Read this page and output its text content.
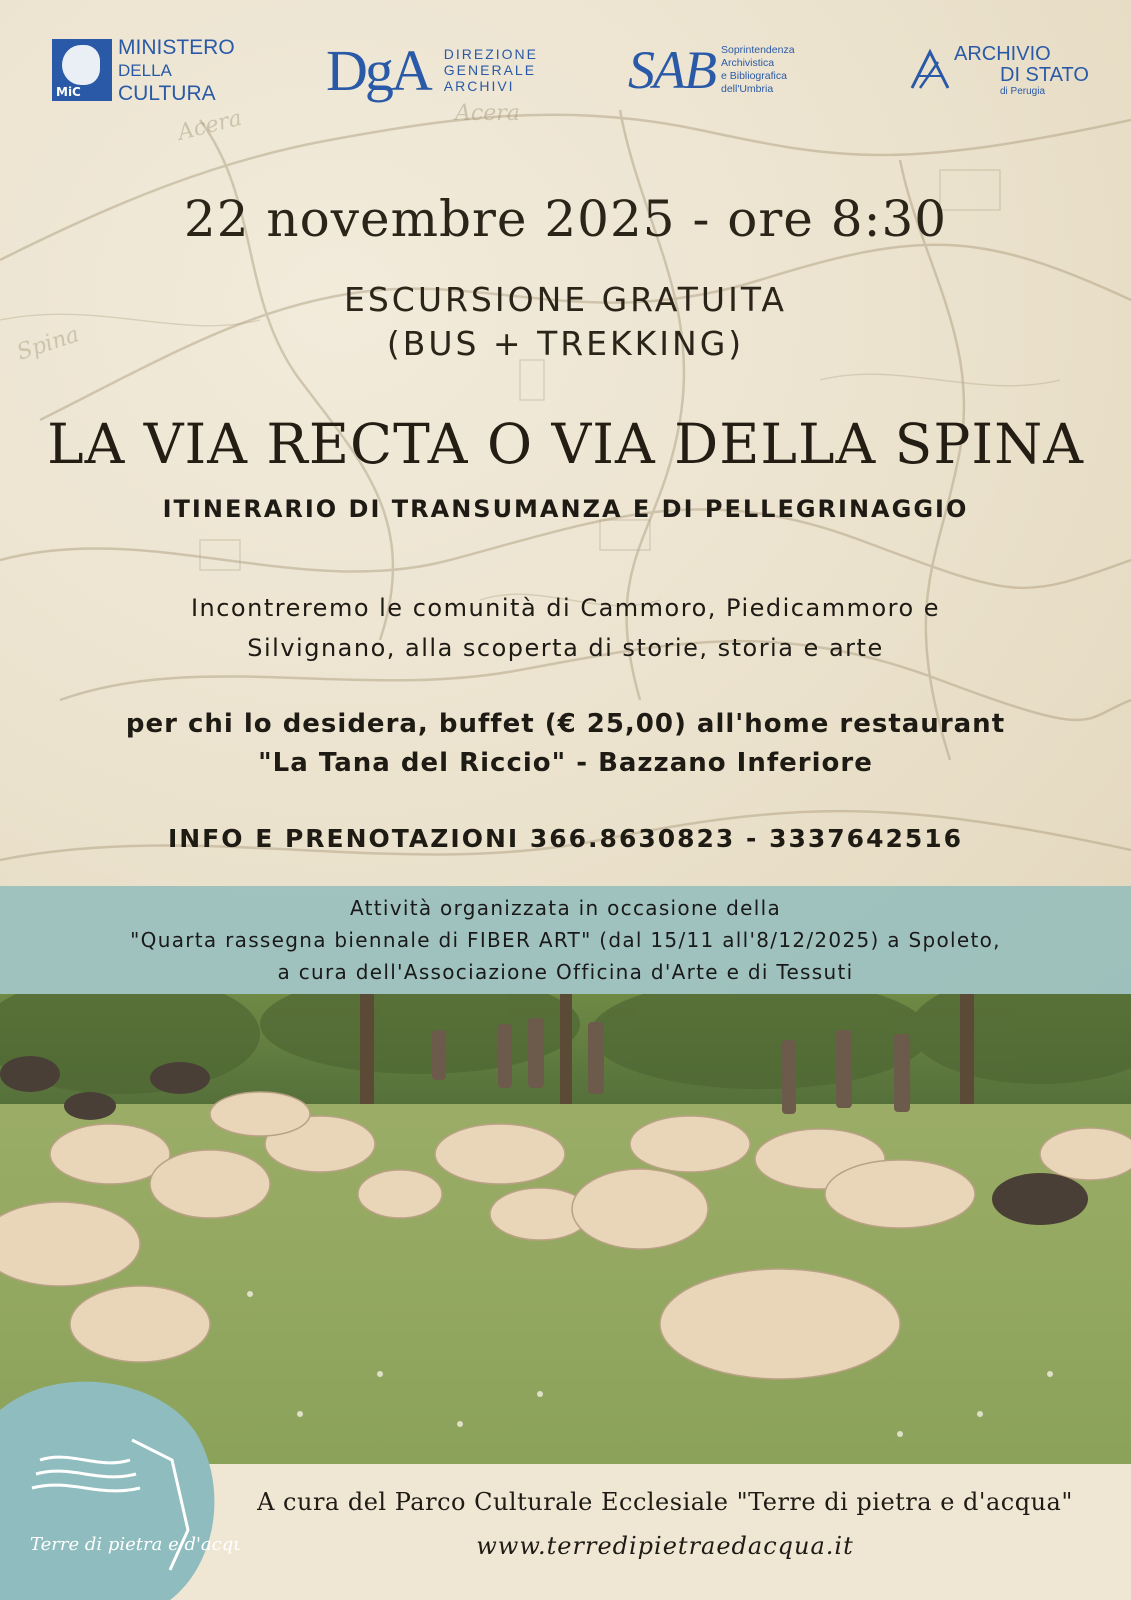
Acera	Acera
Spina
MiC
MINISTERO
DELLA
CULTURA	DgA DIREZIONE
GENERALE
ARCHIVI	SAB Soprintendenza
Archivistica
e Bibliografica
dell'Umbria
ARCHIVIO
DI STATO
di Perugia
22 novembre 2025 - ore 8:30
ESCURSIONE GRATUITA
(BUS + TREKKING)
LA VIA RECTA O VIA DELLA SPINA
ITINERARIO DI TRANSUMANZA E DI PELLEGRINAGGIO
Incontreremo le comunità di Cammoro, Piedicammoro e
Silvignano, alla scoperta di storie, storia e arte
per chi lo desidera, buffet (€ 25,00) all'home restaurant
"La Tana del Riccio" - Bazzano Inferiore
INFO E PRENOTAZIONI 366.8630823 - 3337642516
Attività organizzata in occasione della
"Quarta rassegna biennale di FIBER ART" (dal 15/11 all'8/12/2025) a Spoleto,
a cura dell'Associazione Officina d'Arte e di Tessuti
Terre di pietra e d'acqua
A cura del Parco Culturale Ecclesiale "Terre di pietra e d'acqua"
www.terredipietraedacqua.it
